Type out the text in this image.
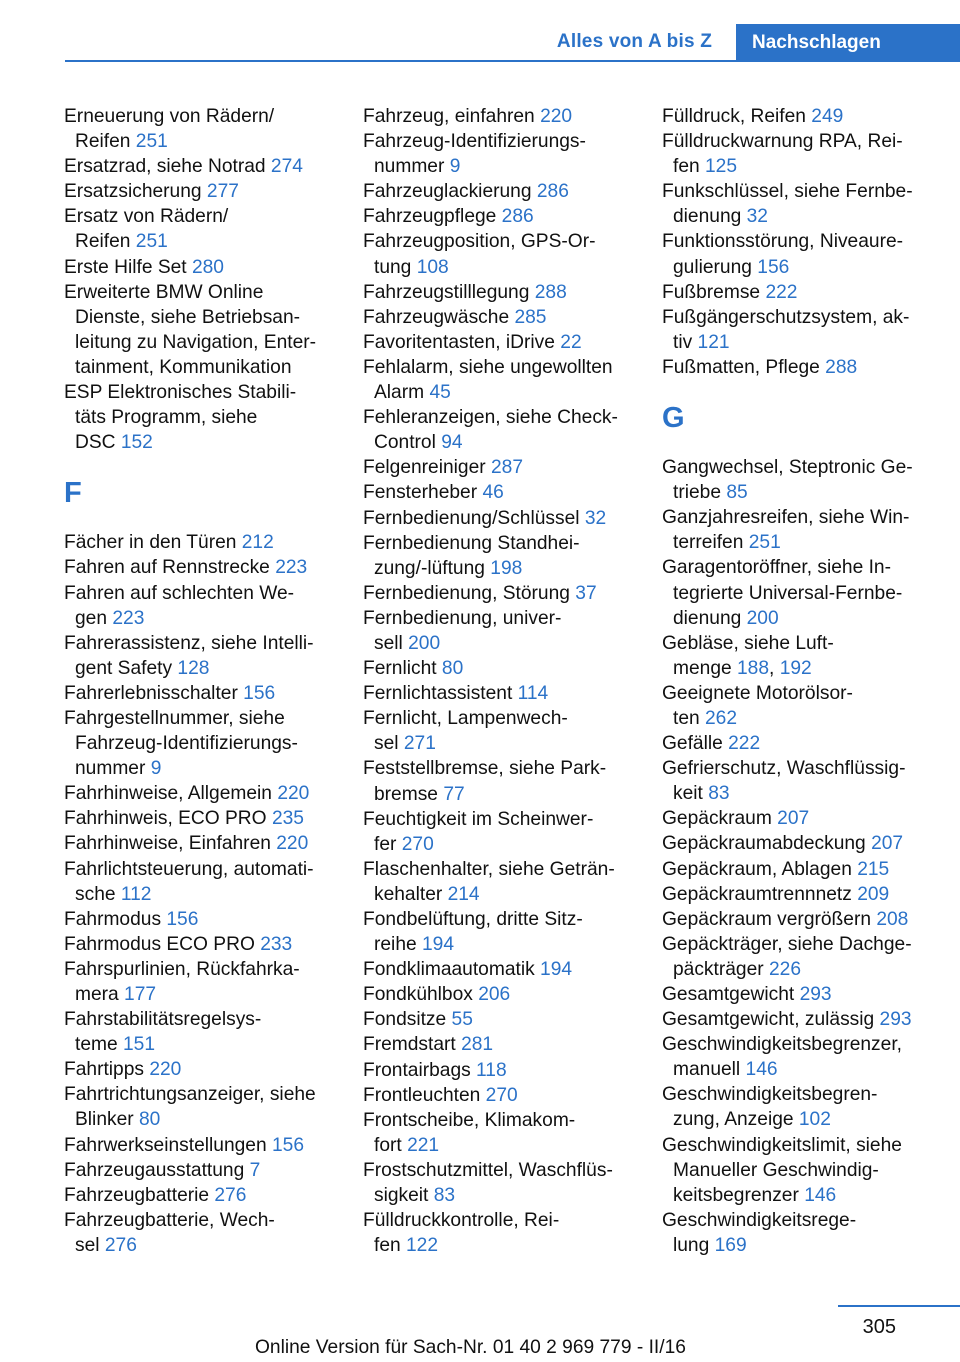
Alles von A bis Z	Nachschlagen
Erneuerung von Rädern/
Reifen 251
Ersatzrad, siehe Notrad 274
Ersatzsicherung 277
Ersatz von Rädern/
Reifen 251
Erste Hilfe Set 280
Erweiterte BMW Online
Dienste, siehe Betriebsan‐
leitung zu Navigation, Enter‐
tainment, Kommunikation
ESP Elektronisches Stabili‐
täts Programm, siehe
DSC 152
F
Fächer in den Türen 212
Fahren auf Rennstrecke 223
Fahren auf schlechten We‐
gen 223
Fahrerassistenz, siehe Intelli‐
gent Safety 128
Fahrerlebnisschalter 156
Fahrgestellnummer, siehe
Fahrzeug-Identifizierungs‐
nummer 9
Fahrhinweise, Allgemein 220
Fahrhinweis, ECO PRO 235
Fahrhinweise, Einfahren 220
Fahrlichtsteuerung, automati‐
sche 112
Fahrmodus 156
Fahrmodus ECO PRO 233
Fahrspurlinien, Rückfahrka‐
mera 177
Fahrstabilitätsregelsys‐
teme 151
Fahrtipps 220
Fahrtrichtungsanzeiger, siehe
Blinker 80
Fahrwerkseinstellungen 156
Fahrzeugausstattung 7
Fahrzeugbatterie 276
Fahrzeugbatterie, Wech‐
sel 276
Fahrzeug, einfahren 220
Fahrzeug-Identifizierungs‐
nummer 9
Fahrzeuglackierung 286
Fahrzeugpflege 286
Fahrzeugposition, GPS-Or‐
tung 108
Fahrzeugstilllegung 288
Fahrzeugwäsche 285
Favoritentasten, iDrive 22
Fehlalarm, siehe ungewollten
Alarm 45
Fehleranzeigen, siehe Check-
Control 94
Felgenreiniger 287
Fensterheber 46
Fernbedienung/Schlüssel 32
Fernbedienung Standhei‐
zung/-lüftung 198
Fernbedienung, Störung 37
Fernbedienung, univer‐
sell 200
Fernlicht 80
Fernlichtassistent 114
Fernlicht, Lampenwech‐
sel 271
Feststellbremse, siehe Park‐
bremse 77
Feuchtigkeit im Scheinwer‐
fer 270
Flaschenhalter, siehe Geträn‐
kehalter 214
Fondbelüftung, dritte Sitz‐
reihe 194
Fondklimaautomatik 194
Fondkühlbox 206
Fondsitze 55
Fremdstart 281
Frontairbags 118
Frontleuchten 270
Frontscheibe, Klimakom‐
fort 221
Frostschutzmittel, Waschflüs‐
sigkeit 83
Fülldruckkontrolle, Rei‐
fen 122
Fülldruck, Reifen 249
Fülldruckwarnung RPA, Rei‐
fen 125
Funkschlüssel, siehe Fernbe‐
dienung 32
Funktionsstörung, Niveaure‐
gulierung 156
Fußbremse 222
Fußgängerschutzsystem, ak‐
tiv 121
Fußmatten, Pflege 288
G
Gangwechsel, Steptronic Ge‐
triebe 85
Ganzjahresreifen, siehe Win‐
terreifen 251
Garagentoröffner, siehe In‐
tegrierte Universal-Fernbe‐
dienung 200
Gebläse, siehe Luft‐
menge 188, 192
Geeignete Motorölsor‐
ten 262
Gefälle 222
Gefrierschutz, Waschflüssig‐
keit 83
Gepäckraum 207
Gepäckraumabdeckung 207
Gepäckraum, Ablagen 215
Gepäckraumtrennnetz 209
Gepäckraum vergrößern 208
Gepäckträger, siehe Dachge‐
päckträger 226
Gesamtgewicht 293
Gesamtgewicht, zulässig 293
Geschwindigkeitsbegrenzer,
manuell 146
Geschwindigkeitsbegren‐
zung, Anzeige 102
Geschwindigkeitslimit, siehe
Manueller Geschwindig‐
keitsbegrenzer 146
Geschwindigkeitsrege‐
lung 169
305
Online Version für Sach-Nr. 01 40 2 969 779 - II/16
